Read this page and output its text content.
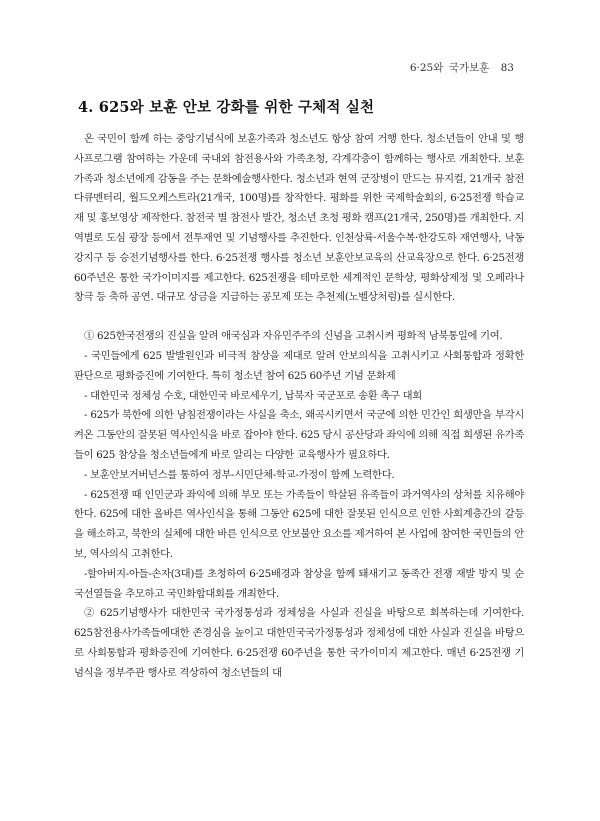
6·25와 국가보훈 83
4. 625와 보훈 안보 강화를 위한 구체적 실천

온 국민이 함께 하는 중앙기념식에 보훈가족과 청소년도 항상 참여 거행 한다. 청소년들이 안내 및 행사프로그램 참여하는 가운데 국내외 참전용사와 가족초청, 각계각층이 함께하는 행사로 개최한다. 보훈가족과 청소년에게 감동을 주는 문화예술행사한다. 청소년과 현역 군장병이 만드는 뮤지컬, 21개국 참전 다큐멘터리, 월드오케스트라(21개국, 100명)를 창작한다. 평화를 위한 국제학술회의, 6·25전쟁 학습교재 및 홍보영상 제작한다. 참전국 별 참전사 발간, 청소년 초청 평화 캠프(21개국, 250명)를 개최한다. 지역별로 도심 광장 등에서 전투재연 및 기념행사를 추진한다. 인천상륙·서울수복·한강도하 재연행사, 낙동강지구 등 승전기념행사를 한다. 6·25전쟁 행사를 청소년 보훈안보교육의 산교육장으로 한다. 6·25전쟁 60주년은 통한 국가이미지를 제고한다. 625전쟁을 테마로한 세계적인 문학상, 평화상제정 및 오페라나 창극 등 축하 공연. 대규모 상금을 지급하는 공모제 또는 추천제(노벨상처럼)를 실시한다.

① 625한국전쟁의 진실을 알려 애국심과 자유민주주의 신념을 고취시켜 평화적 남북통일에 기여.

- 국민들에게 625 발발원인과 비극적 참상을 제대로 알려 안보의식을 고취시키고 사회통합과 정확한 판단으로 평화증진에 기여한다. 특히 청소년 참여 625 60주년 기념 문화제

- 대한민국 정체성 수호, 대한민국 바로세우기, 납북자 국군포로 송환 촉구 대회

- 625가 북한에 의한 남침전쟁이라는 사실을 축소, 왜곡시키면서 국군에 의한 민간인 희생만을 부각시켜온 그동안의 잘못된 역사인식을 바로 잡아야 한다. 625 당시 공산당과 좌익에 의해 직접 희생된 유가족들이 625 참상을 청소년들에게 바로 알리는 다양한 교육행사가 필요하다.

- 보훈안보거버넌스를 통하여 정부-시민단체-학교-가정이 함께 노력한다.

- 625전쟁 때 인민군과 좌익에 의해 부모 또는 가족들이 학살된 유족들이 과거역사의 상처를 치유해야한다. 625에 대한 올바른 역사인식을 통해 그동안 625에 대한 잘못된 인식으로 인한 사회계층간의 갈등을 해소하고, 북한의 실체에 대한 바른 인식으로 안보불안 요소를 제거하여 본 사업에 참여한 국민들의 안보, 역사의식 고취한다.

-할아버지-아들-손자(3대)를 초청하여 6·25배경과 참상을 함께 돼새기고 동족간 전쟁 재발 방지 및 순국선열들을 추모하고 국민화합대회를 개최한다.

② 625기념행사가 대한민국 국가정통성과 정체성을 사실과 진실을 바탕으로 회복하는데 기여한다. 625참전용사가족들에대한 존경심을 높이고 대한민국국가정통성과 정체성에 대한 사실과 진실을 바탕으로 사회통합과 평화증진에 기여한다. 6·25전쟁 60주년을 통한 국가이미지 제고한다. 매년 6·25전쟁 기념식을 정부주관 행사로 격상하여 청소년들의 대
